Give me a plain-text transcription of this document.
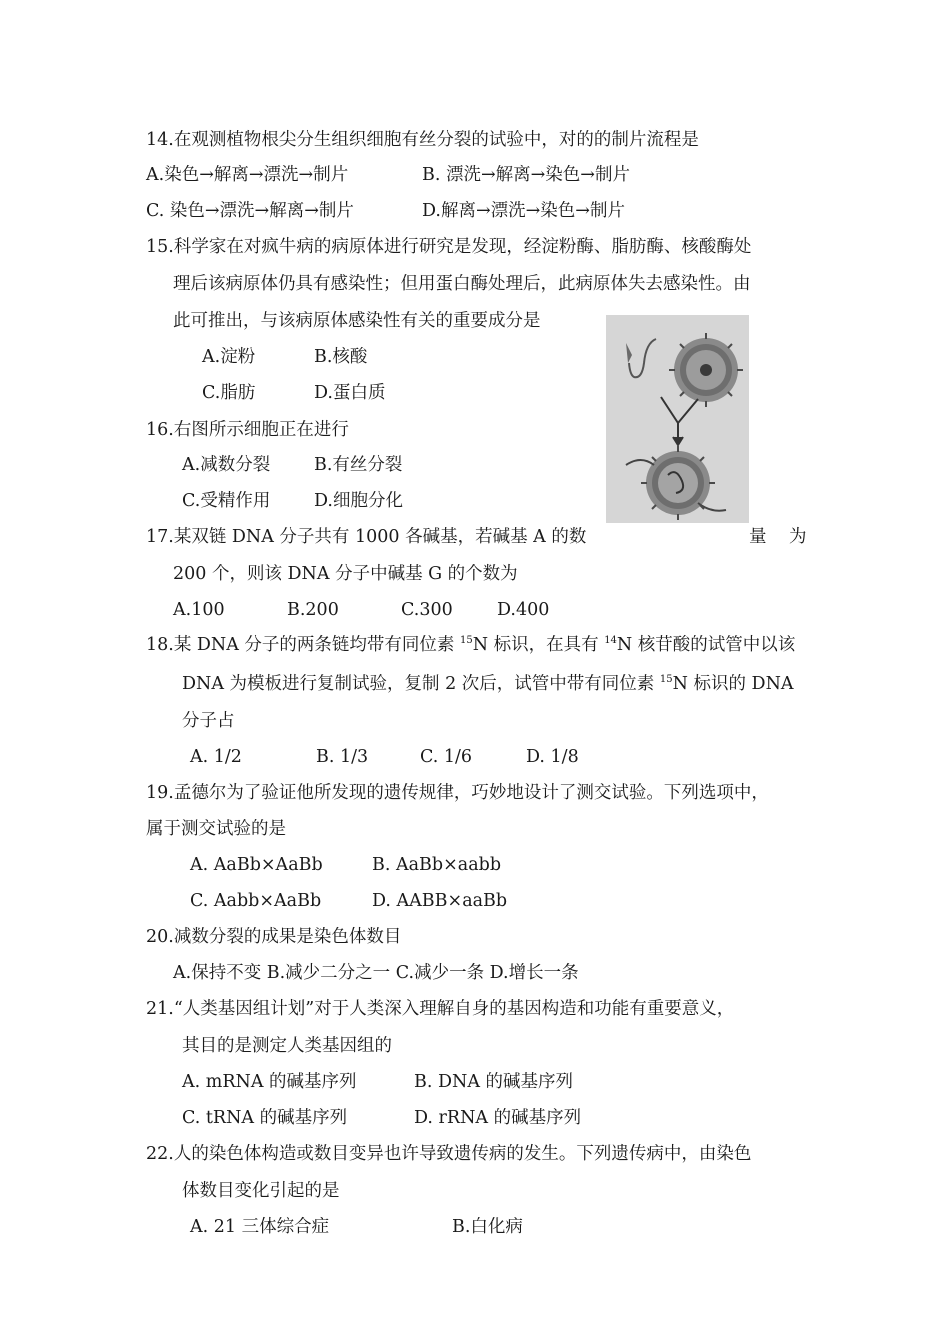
14.在观测植物根尖分生组织细胞有丝分裂的试验中，对的的制片流程是
A.染色→解离→漂洗→制片	B. 漂洗→解离→染色→制片
C. 染色→漂洗→解离→制片	D.解离→漂洗→染色→制片
15.科学家在对疯牛病的病原体进行研究是发现，经淀粉酶、脂肪酶、核酸酶处
理后该病原体仍具有感染性；但用蛋白酶处理后，此病原体失去感染性。由
此可推出，与该病原体感染性有关的重要成分是
A.淀粉	B.核酸
C.脂肪	D.蛋白质
16.右图所示细胞正在进行
A.减数分裂	B.有丝分裂
C.受精作用 D.细胞分化
17.某双链 DNA 分子共有 1000 各碱基，若碱基 A 的数	量 为
200 个，则该 DNA 分子中碱基 G 的个数为
A.100	B.200	C.300	D.400
18.某 DNA 分子的两条链均带有同位素 $^{15}$N 标识，在具有 $^{14}$N 核苷酸的试管中以该
DNA 为模板进行复制试验，复制 2 次后，试管中带有同位素 $^{15}$N 标识的 DNA
分子占
A. 1/2	B. 1/3	C. 1/6	D. 1/8
19.孟德尔为了验证他所发现的遗传规律，巧妙地设计了测交试验。下列选项中，
属于测交试验的是
A. AaBb×AaBb	B. AaBb×aabb
C. Aabb×AaBb	D. AABB×aaBb
20.减数分裂的成果是染色体数目
A.保持不变 B.减少二分之一 C.减少一条 D.增长一条
21.“人类基因组计划”对于人类深入理解自身的基因构造和功能有重要意义，
其目的是测定人类基因组的
A. mRNA 的碱基序列	B. DNA 的碱基序列
C. tRNA 的碱基序列	D. rRNA 的碱基序列
22.人的染色体构造或数目变异也许导致遗传病的发生。下列遗传病中，由染色
体数目变化引起的是
A. 21 三体综合症	B.白化病
